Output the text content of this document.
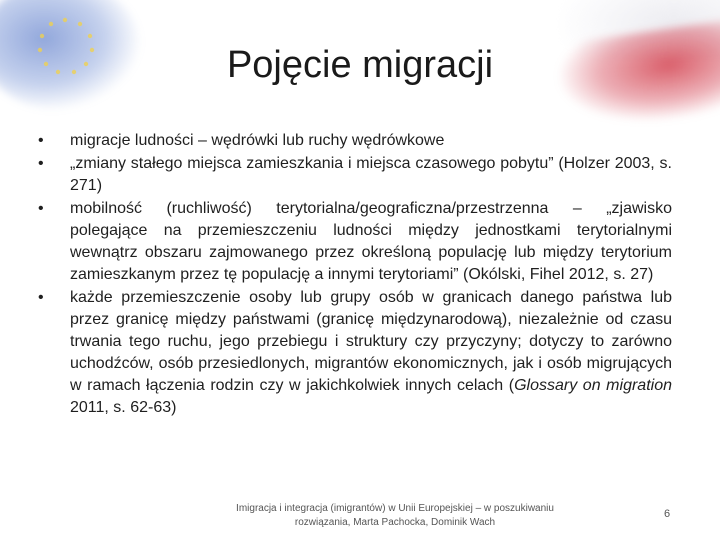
Pojęcie migracji
• migracje ludności – wędrówki lub ruchy wędrówkowe
• „zmiany stałego miejsca zamieszkania i miejsca czasowego pobytu” (Holzer 2003, s. 271)
• mobilność (ruchliwość) terytorialna/geograficzna/przestrzenna – „zjawisko polegające na przemieszczeniu ludności między jednostkami terytorialnymi wewnątrz obszaru zajmowanego przez określoną populację lub między terytorium zamieszkanym przez tę populację a innymi terytoriami” (Okólski, Fihel 2012, s. 27)
• każde przemieszczenie osoby lub grupy osób w granicach danego państwa lub przez granicę między państwami (granicę międzynarodową), niezależnie od czasu trwania tego ruchu, jego przebiegu i struktury czy przyczyny; dotyczy to zarówno uchodźców, osób przesiedlonych, migrantów ekonomicznych, jak i osób migrujących w ramach łączenia rodzin czy w jakichkolwiek innych celach (Glossary on migration 2011, s. 62-63)
Imigracja i integracja (imigrantów) w Unii Europejskiej – w poszukiwaniu rozwiązania, Marta Pachocka, Dominik Wach
6
